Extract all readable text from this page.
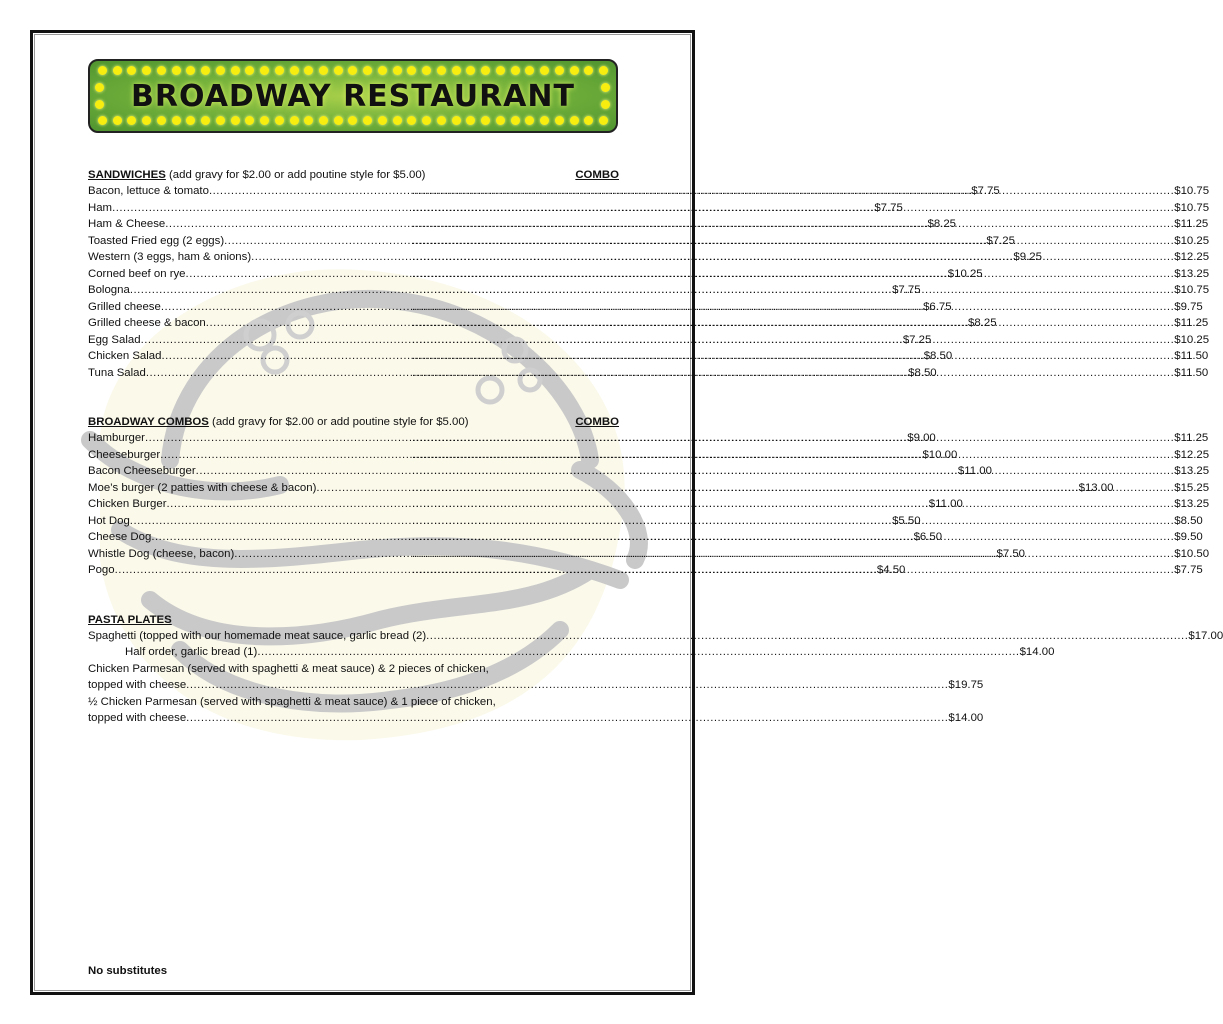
BROADWAY RESTAURANT
SANDWICHES (add gravy for $2.00 or add poutine style for $5.00)	COMBO
Bacon, lettuce & tomato .....	$7.75 .....	$10.75
Ham .....	$7.75 .....	$10.75
Ham & Cheese .....	$8.25 .....	$11.25
Toasted Fried egg (2 eggs) .....	$7.25 .....	$10.25
Western (3 eggs, ham & onions) .....	$9.25 .....	$12.25
Corned beef on rye .....	$10.25 .....	$13.25
Bologna .....	$7.75 .....	$10.75
Grilled cheese .....	$6.75 .....	$9.75
Grilled cheese & bacon .....	$8.25 .....	$11.25
Egg Salad .....	$7.25 .....	$10.25
Chicken Salad .....	$8.50 .....	$11.50
Tuna Salad .....	$8.50 .....	$11.50
BROADWAY COMBOS (add gravy for $2.00 or add poutine style for $5.00)	COMBO
Hamburger .....	$9.00 .....	$11.25
Cheeseburger .....	$10.00 .....	$12.25
Bacon Cheeseburger .....	$11.00 .....	$13.25
Moe’s burger (2 patties with cheese & bacon) .....	$13.00 .....	$15.25
Chicken Burger .....	$11.00 .....	$13.25
Hot Dog .....	$5.50 .....	$8.50
Cheese Dog .....	$6.50 .....	$9.50
Whistle Dog (cheese, bacon) .....	$7.50 .....	$10.50
Pogo .....	$4.50 .....	$7.75
PASTA PLATES
Spaghetti (topped with our homemade meat sauce, garlic bread (2) .....	$17.00
Half order, garlic bread (1) .....	$14.00
Chicken Parmesan (served with spaghetti & meat sauce) & 2 pieces of chicken,
topped with cheese .....	$19.75
½ Chicken Parmesan (served with spaghetti & meat sauce) & 1 piece of chicken,
topped with cheese .....	$14.00
No substitutes
